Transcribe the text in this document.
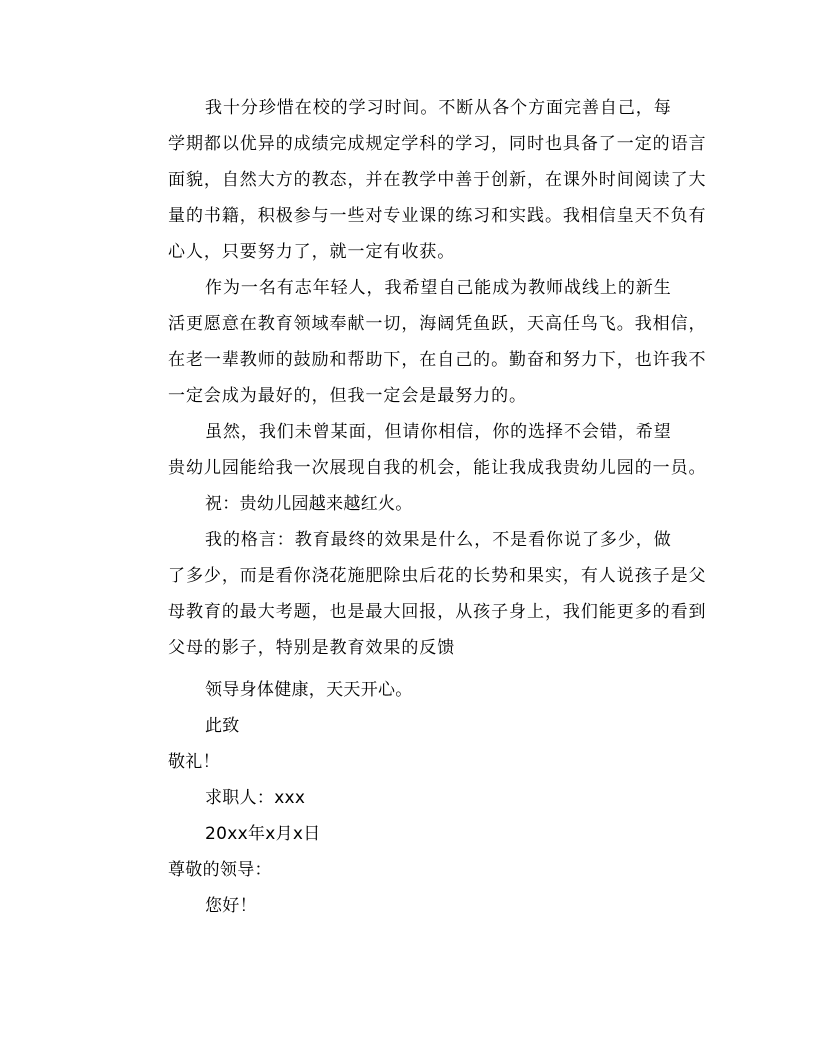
我十分珍惜在校的学习时间。不断从各个方面完善自己，每
学期都以优异的成绩完成规定学科的学习，同时也具备了一定的语言
面貌，自然大方的教态，并在教学中善于创新，在课外时间阅读了大
量的书籍，积极参与一些对专业课的练习和实践。我相信皇天不负有
心人，只要努力了，就一定有收获。
作为一名有志年轻人，我希望自己能成为教师战线上的新生
活更愿意在教育领域奉献一切，海阔凭鱼跃，天高任鸟飞。我相信，
在老一辈教师的鼓励和帮助下，在自己的。勤奋和努力下，也许我不
一定会成为最好的，但我一定会是最努力的。
虽然，我们未曾某面，但请你相信，你的选择不会错，希望
贵幼儿园能给我一次展现自我的机会，能让我成我贵幼儿园的一员。
祝：贵幼儿园越来越红火。
我的格言：教育最终的效果是什么，不是看你说了多少，做
了多少，而是看你浇花施肥除虫后花的长势和果实，有人说孩子是父
母教育的最大考题，也是最大回报，从孩子身上，我们能更多的看到
父母的影子，特别是教育效果的反馈
领导身体健康，天天开心。
此致
敬礼！
求职人：xxx
20xx年x月x日
尊敬的领导：
您好！
